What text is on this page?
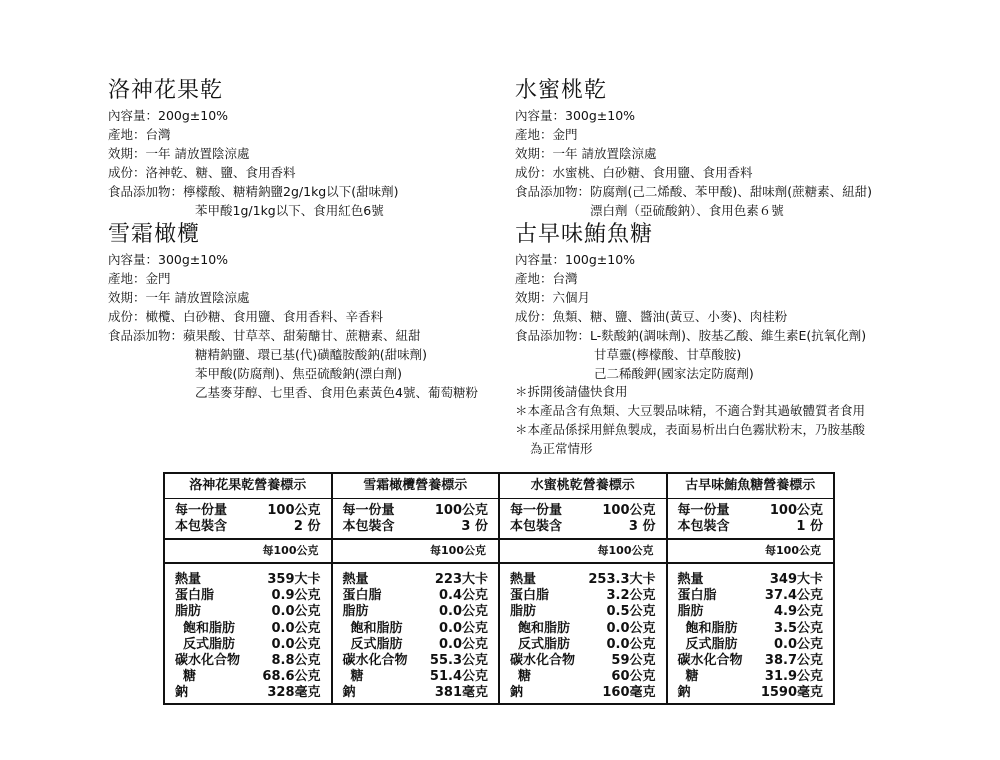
洛神花果乾
內容量：200g±10%
產地：台灣
效期：一年 請放置陰涼處
成份：洛神乾、糖、鹽、食用香料
食品添加物： 檸檬酸、糖精鈉鹽2g/1kg以下(甜味劑)
苯甲酸1g/1kg以下、食用紅色6號
水蜜桃乾
內容量：300g±10%
產地：金門
效期：一年 請放置陰涼處
成份：水蜜桃、白砂糖、食用鹽、食用香料
食品添加物： 防腐劑(己二烯酸、苯甲酸)、甜味劑(蔗糖素、紐甜)
漂白劑（亞硫酸鈉）、食用色素６號
雪霜橄欖
內容量：300g±10%
產地：金門
效期：一年 請放置陰涼處
成份：橄欖、白砂糖、食用鹽、食用香料、辛香料
食品添加物： 蘋果酸、甘草萃、甜菊醣甘、蔗糖素、紐甜
糖精鈉鹽、環已基(代)磺醯胺酸鈉(甜味劑)
苯甲酸(防腐劑)、焦亞硫酸鈉(漂白劑)
乙基麥芽醇、七里香、食用色素黃色4號、葡萄糖粉
古早味鮪魚糖
內容量：100g±10%
產地：台灣
效期：六個月
成份：魚類、糖、鹽、醬油(黃豆、小麥)、肉桂粉
食品添加物： L-麩酸鈉(調味劑)、胺基乙酸、維生素E(抗氧化劑)
甘草靈(檸檬酸、甘草酸胺)
己二稀酸鉀(國家法定防腐劑)
＊拆開後請儘快食用
＊本產品含有魚類、大豆製品味精，不適合對其過敏體質者食用
＊本產品係採用鮮魚製成，表面易析出白色霧狀粉末，乃胺基酸
為正常情形
洛神花果乾營養標示
每一份量	100公克
本包裝含	2 份
每100公克
熱量	359大卡
蛋白脂	0.9公克
脂肪	0.0公克
飽和脂肪	0.0公克
反式脂肪	0.0公克
碳水化合物 8.8公克
糖	68.6公克
鈉	328毫克
雪霜橄欖營養標示
每一份量	100公克
本包裝含	3 份
每100公克
熱量	223大卡
蛋白脂	0.4公克
脂肪	0.0公克
飽和脂肪	0.0公克
反式脂肪	0.0公克
碳水化合物 55.3公克
糖	51.4公克
鈉	381毫克
水蜜桃乾營養標示
每一份量	100公克
本包裝含	3 份
每100公克
熱量	253.3大卡
蛋白脂	3.2公克
脂肪	0.5公克
飽和脂肪	0.0公克
反式脂肪	0.0公克
碳水化合物	59公克
糖	60公克
鈉	160毫克
古早味鮪魚糖營養標示
每一份量	100公克
本包裝含	1 份
每100公克
熱量	349大卡
蛋白脂	37.4公克
脂肪	4.9公克
飽和脂肪	3.5公克
反式脂肪	0.0公克
碳水化合物 38.7公克
糖	31.9公克
鈉	1590毫克
